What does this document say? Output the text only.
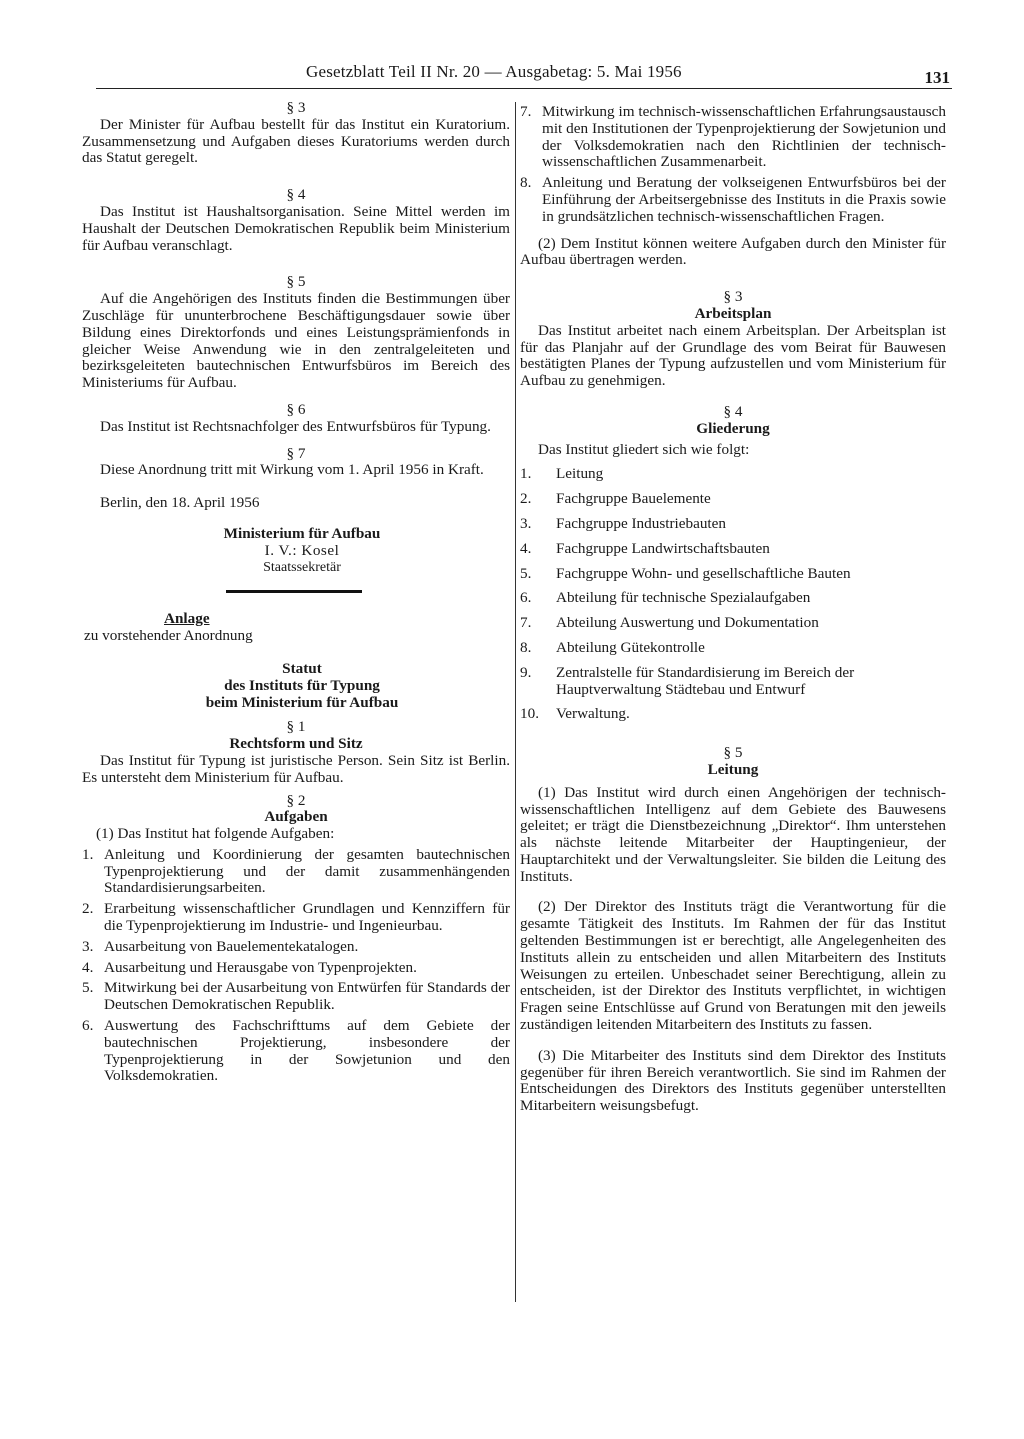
Gesetzblatt Teil II Nr. 20 — Ausgabetag: 5. Mai 1956	131
§ 3

Der Minister für Aufbau bestellt für das Institut ein Kuratorium. Zusammensetzung und Aufgaben dieses Kuratoriums werden durch das Statut geregelt.

§ 4

Das Institut ist Haushaltsorganisation. Seine Mittel werden im Haushalt der Deutschen Demokratischen Republik beim Ministerium für Aufbau veranschlagt.

§ 5

Auf die Angehörigen des Instituts finden die Bestimmungen über Zuschläge für ununterbrochene Beschäftigungsdauer sowie über Bildung eines Direktorfonds und eines Leistungsprämienfonds in gleicher Weise Anwendung wie in den zentralgeleiteten und bezirksgeleiteten bautechnischen Entwurfsbüros im Bereich des Ministeriums für Aufbau.

§ 6

Das Institut ist Rechtsnachfolger des Entwurfsbüros für Typung.

§ 7

Diese Anordnung tritt mit Wirkung vom 1. April 1956 in Kraft.

Berlin, den 18. April 1956

Ministerium für Aufbau
I. V.: Kosel
Staatssekretär
Anlage
zu vorstehender Anordnung
Statut
des Instituts für Typung
beim Ministerium für Aufbau
§ 1
Rechtsform und Sitz

Das Institut für Typung ist juristische Person. Sein Sitz ist Berlin. Es untersteht dem Ministerium für Aufbau.

§ 2
Aufgaben

(1) Das Institut hat folgende Aufgaben:

1. Anleitung und Koordinierung der gesamten bautechnischen Typenprojektierung und der damit zusammenhängenden Standardisierungsarbeiten.
2. Erarbeitung wissenschaftlicher Grundlagen und Kennziffern für die Typenprojektierung im Industrie- und Ingenieurbau.
3. Ausarbeitung von Bauelementekatalogen.
4. Ausarbeitung und Herausgabe von Typenprojekten.
5. Mitwirkung bei der Ausarbeitung von Entwürfen für Standards der Deutschen Demokratischen Republik.
6. Auswertung des Fachschrifttums auf dem Gebiete der bautechnischen Projektierung, insbesondere der Typenprojektierung in der Sowjetunion und den Volksdemokratien.
7. Mitwirkung im technisch-wissenschaftlichen Erfahrungsaustausch mit den Institutionen der Typenprojektierung der Sowjetunion und der Volksdemokratien nach den Richtlinien der technisch-wissenschaftlichen Zusammenarbeit.
8. Anleitung und Beratung der volkseigenen Entwurfsbüros bei der Einführung der Arbeitsergebnisse des Instituts in die Praxis sowie in grundsätzlichen technisch-wissenschaftlichen Fragen.

(2) Dem Institut können weitere Aufgaben durch den Minister für Aufbau übertragen werden.

§ 3
Arbeitsplan

Das Institut arbeitet nach einem Arbeitsplan. Der Arbeitsplan ist für das Planjahr auf der Grundlage des vom Beirat für Bauwesen bestätigten Planes der Typung aufzustellen und vom Ministerium für Aufbau zu genehmigen.

§ 4
Gliederung

Das Institut gliedert sich wie folgt:

1.	Leitung
2.	Fachgruppe Bauelemente
3.	Fachgruppe Industriebauten
4.	Fachgruppe Landwirtschaftsbauten
5.	Fachgruppe Wohn- und gesellschaftliche Bauten
6.	Abteilung für technische Spezialaufgaben
7.	Abteilung Auswertung und Dokumentation
8.	Abteilung Gütekontrolle
9.	Zentralstelle für Standardisierung im Bereich der Hauptverwaltung Städtebau und Entwurf
10.	Verwaltung.
§ 5
Leitung

(1) Das Institut wird durch einen Angehörigen der technisch-wissenschaftlichen Intelligenz auf dem Gebiete des Bauwesens geleitet; er trägt die Dienstbezeichnung „Direktor“. Ihm unterstehen als nächste leitende Mitarbeiter der Hauptingenieur, der Hauptarchitekt und der Verwaltungsleiter. Sie bilden die Leitung des Instituts.

(2) Der Direktor des Instituts trägt die Verantwortung für die gesamte Tätigkeit des Instituts. Im Rahmen der für das Institut geltenden Bestimmungen ist er berechtigt, alle Angelegenheiten des Instituts allein zu entscheiden und allen Mitarbeitern des Instituts Weisungen zu erteilen. Unbeschadet seiner Berechtigung, allein zu entscheiden, ist der Direktor des Instituts verpflichtet, in wichtigen Fragen seine Entschlüsse auf Grund von Beratungen mit den jeweils zuständigen leitenden Mitarbeitern des Instituts zu fassen.

(3) Die Mitarbeiter des Instituts sind dem Direktor des Instituts gegenüber für ihren Bereich verantwortlich. Sie sind im Rahmen der Entscheidungen des Direktors des Instituts gegenüber unterstellten Mitarbeitern weisungsbefugt.
